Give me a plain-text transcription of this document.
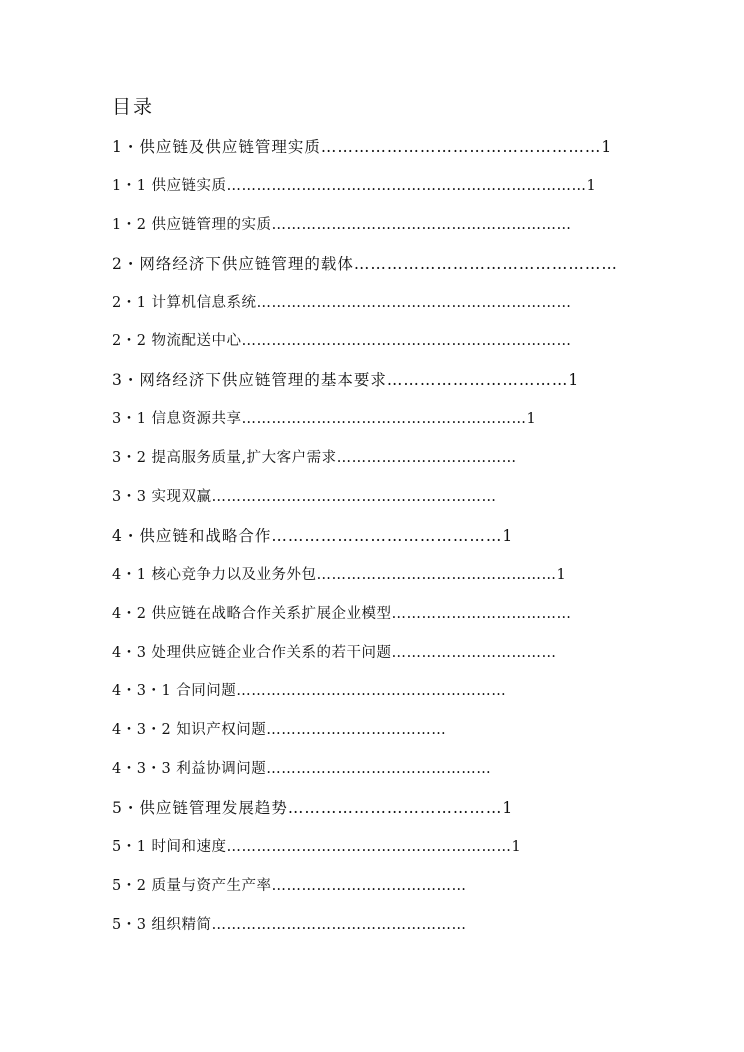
目录
1・供应链及供应链管理实质……………………………………………1
1・1 供应链实质………………………………………………………………1
1・2 供应链管理的实质……………………………………………………
2・网络经济下供应链管理的载体…………………………………………
2・1 计算机信息系统………………………………………………………
2・2 物流配送中心…………………………………………………………
3・网络经济下供应链管理的基本要求……………………………1
3・1 信息资源共享…………………………………………………1
3・2 提高服务质量,扩大客户需求………………………………
3・3 实现双赢…………………………………………………
4・供应链和战略合作……………………………………1
4・1 核心竞争力以及业务外包…………………………………………1
4・2 供应链在战略合作关系扩展企业模型………………………………
4・3 处理供应链企业合作关系的若干问题……………………………
4・3・1 合同问题………………………………………………
4・3・2 知识产权问题………………………………
4・3・3 利益协调问题………………………………………
5・供应链管理发展趋势…………………………………1
5・1 时间和速度…………………………………………………1
5・2 质量与资产生产率…………………………………
5・3 组织精简……………………………………………
